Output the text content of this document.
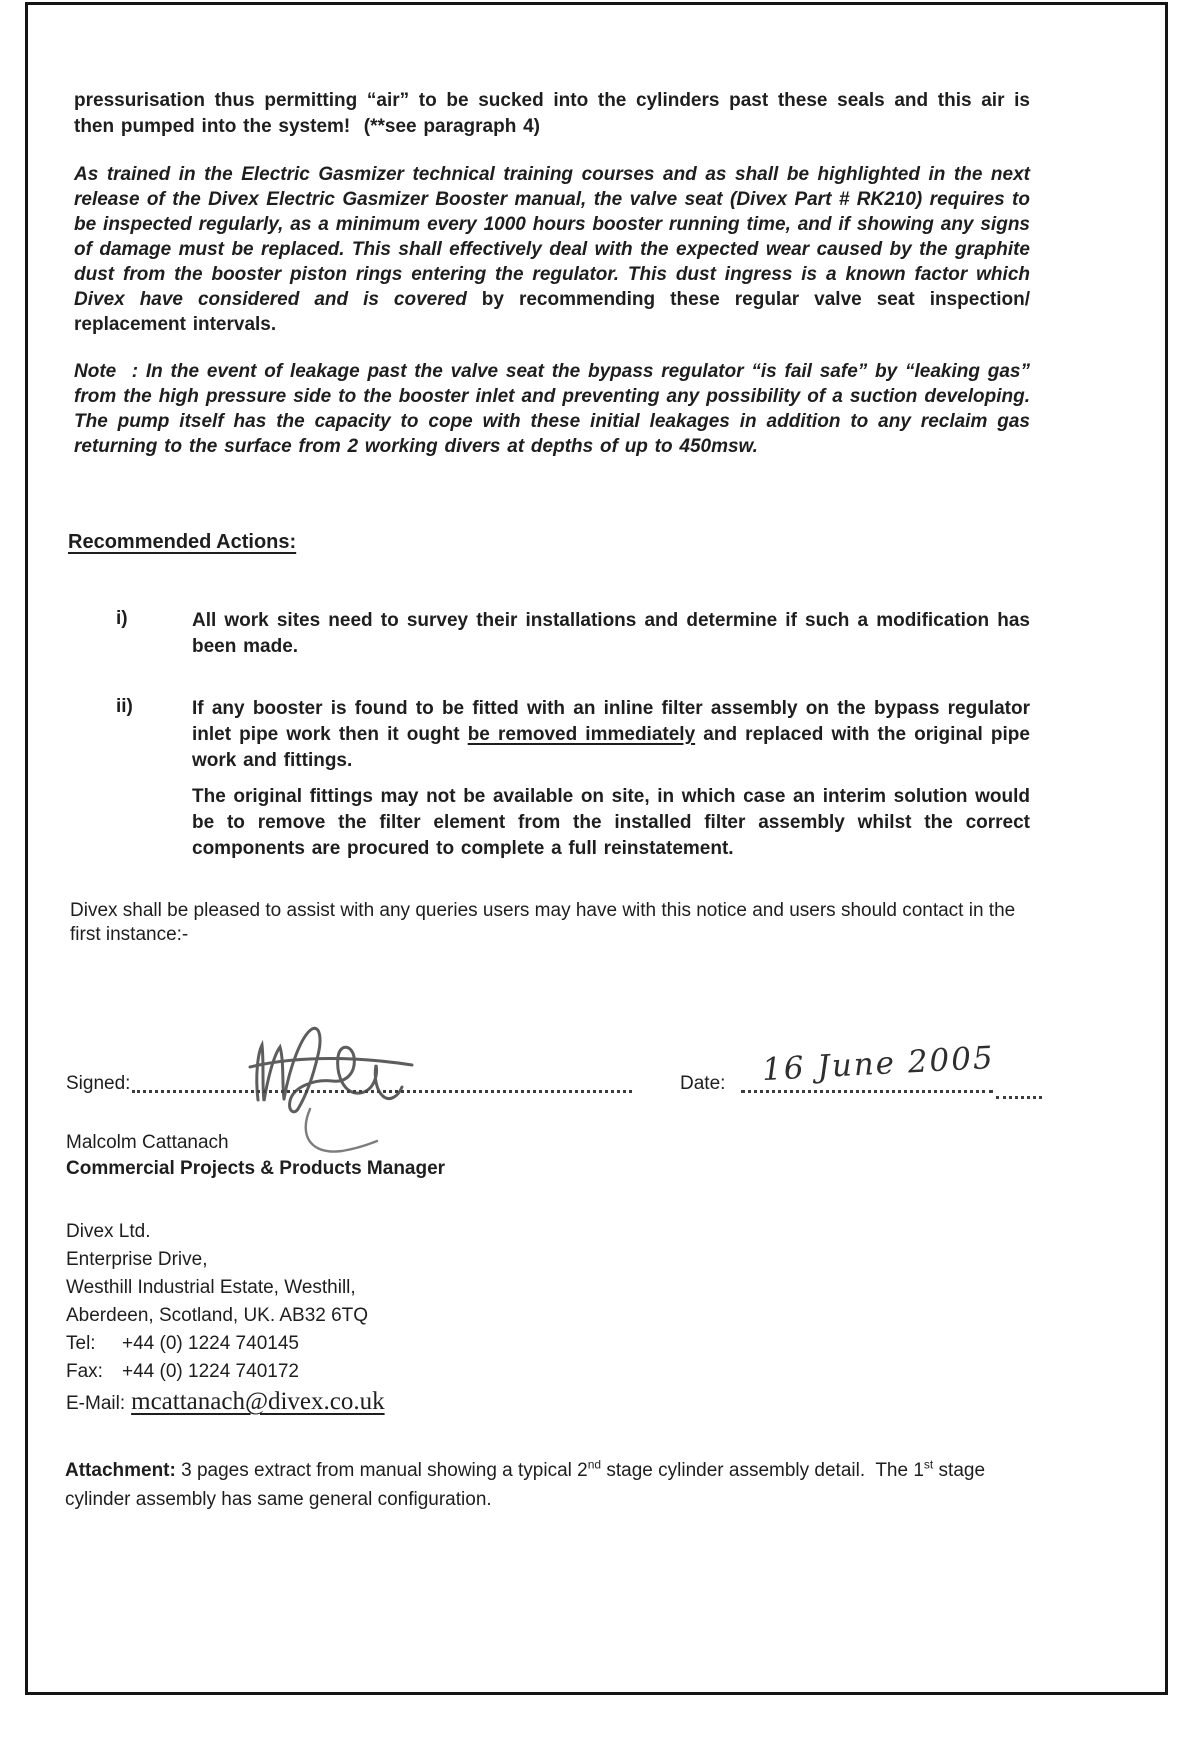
pressurisation thus permitting “air” to be sucked into the cylinders past these seals and this air is then pumped into the system!  (**see paragraph 4)

As trained in the Electric Gasmizer technical training courses and as shall be highlighted in the next release of the Divex Electric Gasmizer Booster manual, the valve seat (Divex Part # RK210) requires to be inspected regularly, as a minimum every 1000 hours booster running time, and if showing any signs of damage must be replaced. This shall effectively deal with the expected wear caused by the graphite dust from the booster piston rings entering the regulator. This dust ingress is a known factor which Divex have considered and is covered by recommending these regular valve seat inspection/ replacement intervals.

Note  : In the event of leakage past the valve seat the bypass regulator “is fail safe” by “leaking gas” from the high pressure side to the booster inlet and preventing any possibility of a suction developing. The pump itself has the capacity to cope with these initial leakages in addition to any reclaim gas returning to the surface from 2 working divers at depths of up to 450msw.

Recommended Actions:
i)	All work sites need to survey their installations and determine if such a modification has been made.

ii)	If any booster is found to be fitted with an inline filter assembly on the bypass regulator inlet pipe work then it ought be removed immediately and replaced with the original pipe work and fittings.

The original fittings may not be available on site, in which case an interim solution would be to remove the filter element from the installed filter assembly whilst the correct components are procured to complete a full reinstatement.

Divex shall be pleased to assist with any queries users may have with this notice and users should contact in the first instance:-

Signed:	Date: 16 June 2005

Malcolm Cattanach

Commercial Projects & Products Manager

Divex Ltd.
Enterprise Drive,
Westhill Industrial Estate, Westhill,
Aberdeen, Scotland, UK. AB32 6TQ
Tel: +44 (0) 1224 740145
Fax: +44 (0) 1224 740172
E-Mail: mcattanach@divex.co.uk

Attachment: 3 pages extract from manual showing a typical 2nd stage cylinder assembly detail.  The 1st stage
cylinder assembly has same general configuration.
